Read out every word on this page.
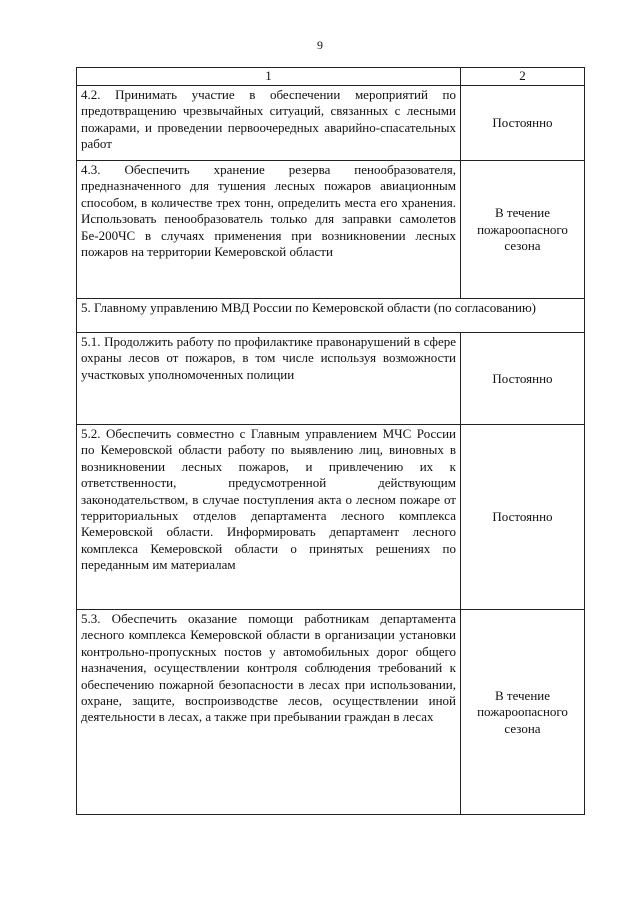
9
1	2
4.2. Принимать участие в обеспечении мероприятий по предотвращению чрезвычайных ситуаций, связанных с лесными пожарами, и проведении первоочередных аварийно-спасательных работ	Постоянно
4.3. Обеспечить хранение резерва пенообразователя, предназначенного для тушения лесных пожаров авиационным способом, в количестве трех тонн, определить места его хранения. Использовать пенообразователь только для заправки самолетов Бе-200ЧС в случаях применения при возникновении лесных пожаров на территории Кемеровской области	В течение пожароопасного сезона
5. Главному управлению МВД России по Кемеровской области (по согласованию)	
5.1. Продолжить работу по профилактике правонарушений в сфере охраны лесов от пожаров, в том числе используя возможности участковых уполномоченных полиции	Постоянно
5.2. Обеспечить совместно с Главным управлением МЧС России по Кемеровской области работу по выявлению лиц, виновных в возникновении лесных пожаров, и привлечению их к ответственности, предусмотренной действующим законодательством, в случае поступления акта о лесном пожаре от территориальных отделов департамента лесного комплекса Кемеровской области. Информировать департамент лесного комплекса Кемеровской области о принятых решениях по переданным им материалам	Постоянно
5.3. Обеспечить оказание помощи работникам департамента лесного комплекса Кемеровской области в организации установки контрольно-пропускных постов у автомобильных дорог общего назначения, осуществлении контроля соблюдения требований к обеспечению пожарной безопасности в лесах при использовании, охране, защите, воспроизводстве лесов, осуществлении иной деятельности в лесах, а также при пребывании граждан в лесах	В течение пожароопасного сезона
